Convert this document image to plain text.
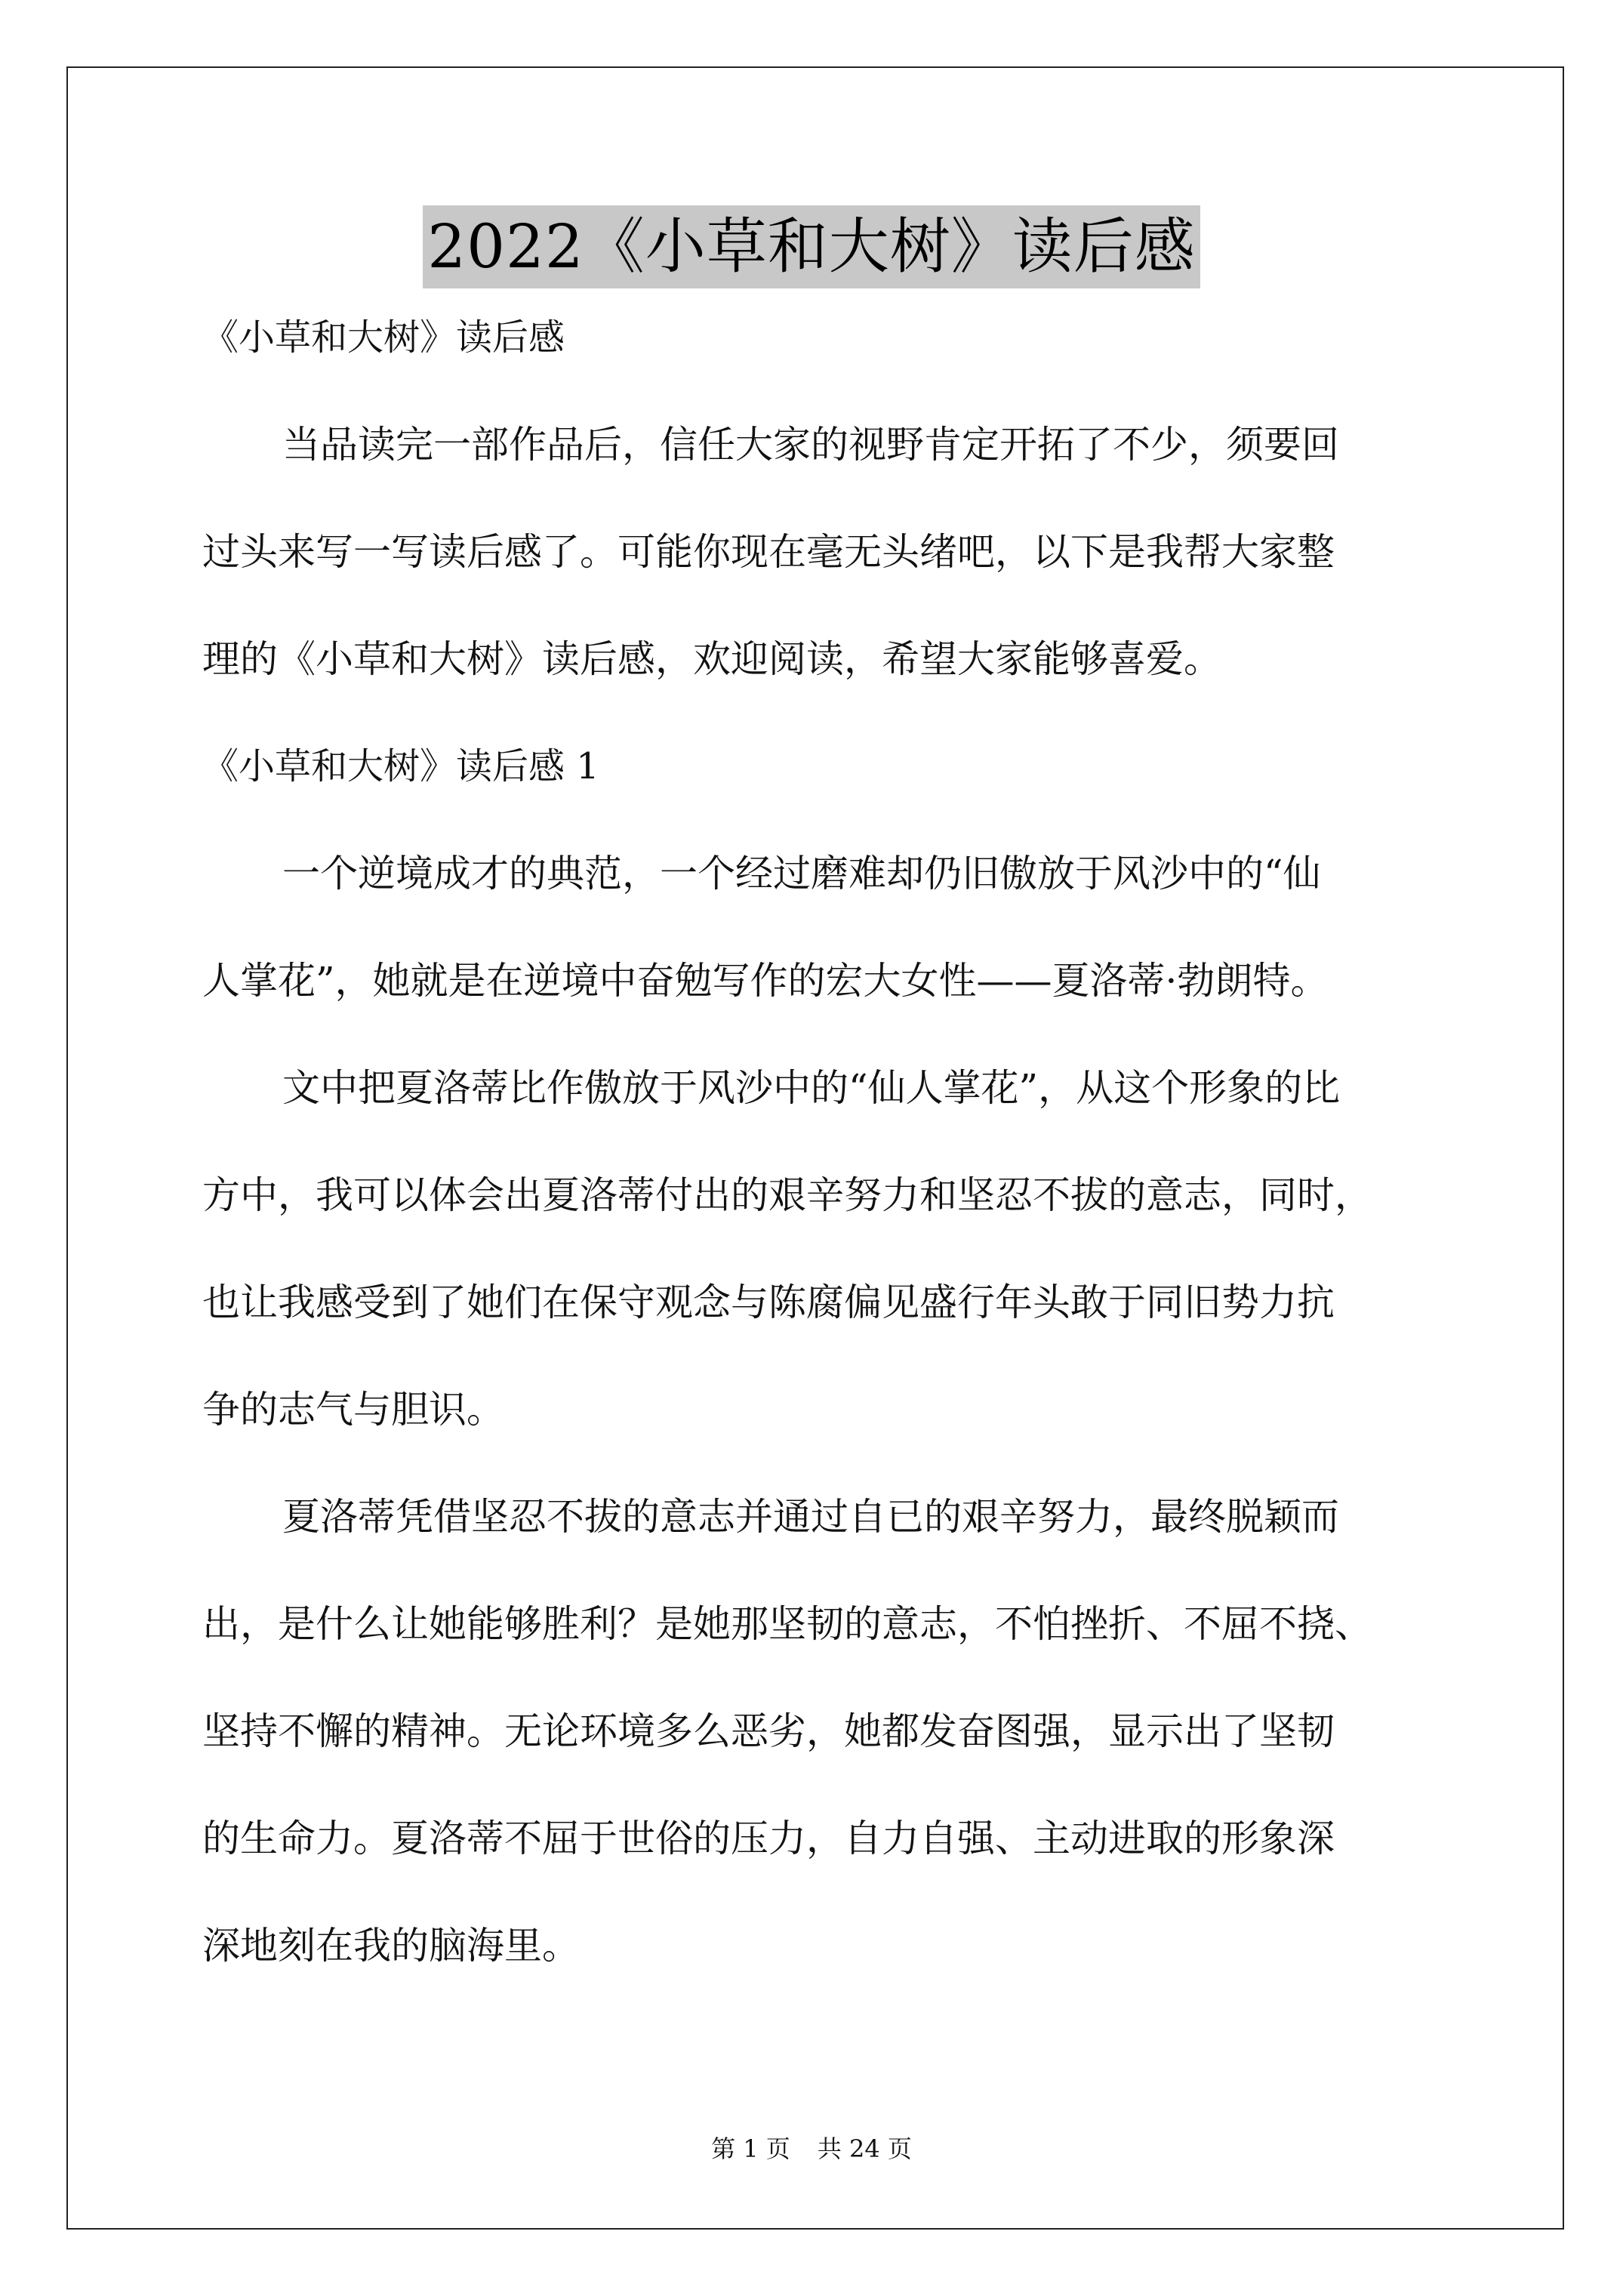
2022《小草和大树》读后感

《小草和大树》读后感

当品读完一部作品后，信任大家的视野肯定开拓了不少，须要回

过头来写一写读后感了。可能你现在毫无头绪吧，以下是我帮大家整

理的《小草和大树》读后感，欢迎阅读，希望大家能够喜爱。

《小草和大树》读后感 1

一个逆境成才的典范，一个经过磨难却仍旧傲放于风沙中的“仙

人掌花”，她就是在逆境中奋勉写作的宏大女性——夏洛蒂·勃朗特。

文中把夏洛蒂比作傲放于风沙中的“仙人掌花”，从这个形象的比

方中，我可以体会出夏洛蒂付出的艰辛努力和坚忍不拔的意志，同时，

也让我感受到了她们在保守观念与陈腐偏见盛行年头敢于同旧势力抗

争的志气与胆识。

夏洛蒂凭借坚忍不拔的意志并通过自已的艰辛努力，最终脱颖而

出，是什么让她能够胜利？是她那坚韧的意志，不怕挫折、不屈不挠、

坚持不懈的精神。无论环境多么恶劣，她都发奋图强，显示出了坚韧

的生命力。夏洛蒂不屈于世俗的压力，自力自强、主动进取的形象深

深地刻在我的脑海里。

第 1 页 共 24 页
